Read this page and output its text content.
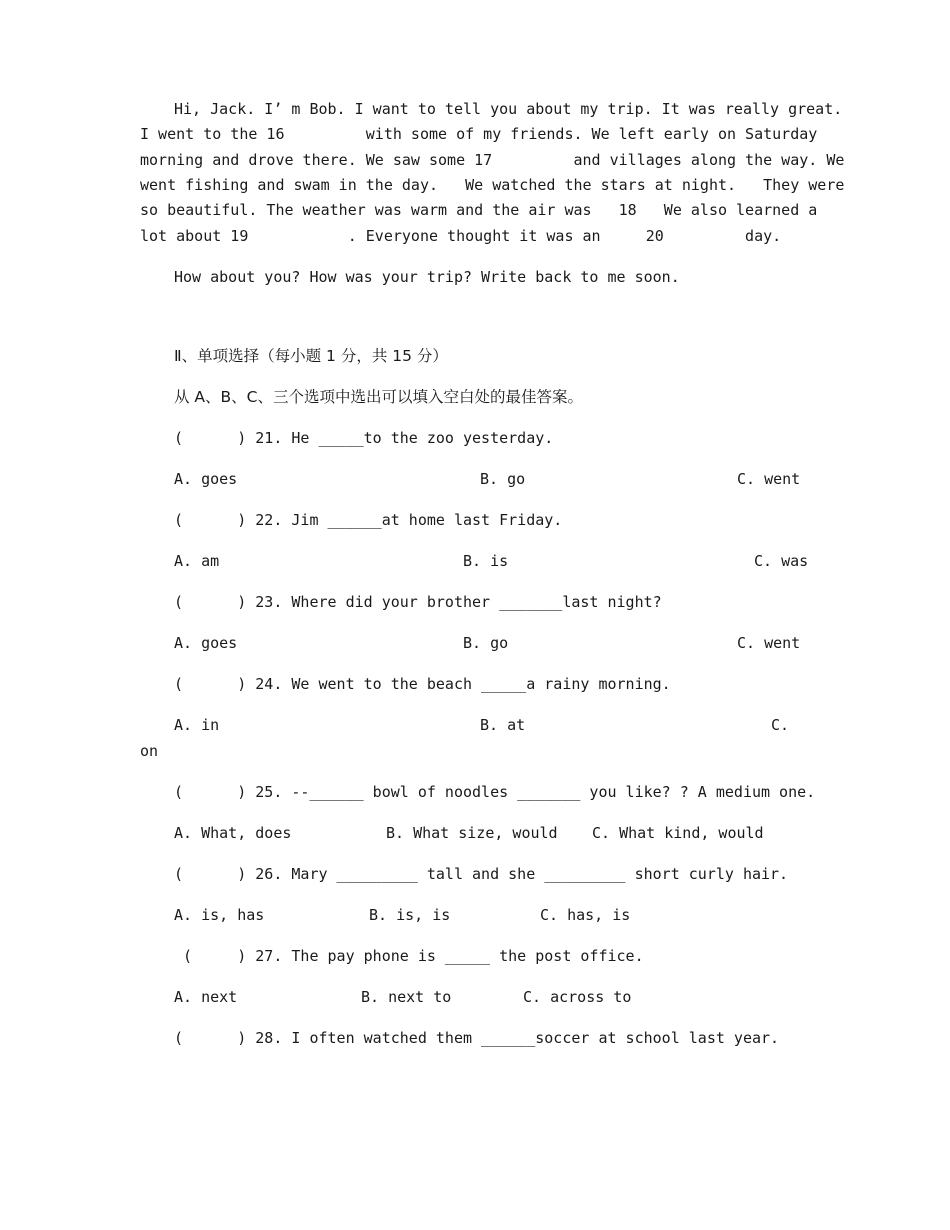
Hi, Jack. I’ m Bob. I want to tell you about my trip. It was really great.
I went to the 16         with some of my friends. We left early on Saturday
morning and drove there. We saw some 17         and villages along the way. We
went fishing and swam in the day.   We watched the stars at night.   They were
so beautiful. The weather was warm and the air was   18   We also learned a
lot about 19           . Everyone thought it was an     20         day.
How about you? How was your trip? Write back to me soon.
Ⅱ、单项选择（每小题 1 分，共 15 分）
从 A、B、C、三个选项中选出可以填入空白处的最佳答案。
(      ) 21. He _____to the zoo yesterday.
A. goes	B. go	C. went
(      ) 22. Jim ______at home last Friday.
A. am	B. is	C. was
(      ) 23. Where did your brother _______last night?
A. goes	B. go	C. went
(      ) 24. We went to the beach _____a rainy morning.
A. in	B. at	C.
on
(      ) 25. --______ bowl of noodles _______ you like? ? A medium one.
A. What, does	B. What size, would C. What kind, would
(      ) 26. Mary _________ tall and she _________ short curly hair.
A. is, has	B. is, is	C. has, is
(     ) 27. The pay phone is _____ the post office.
A. next	B. next to	C. across to
(      ) 28. I often watched them ______soccer at school last year.
